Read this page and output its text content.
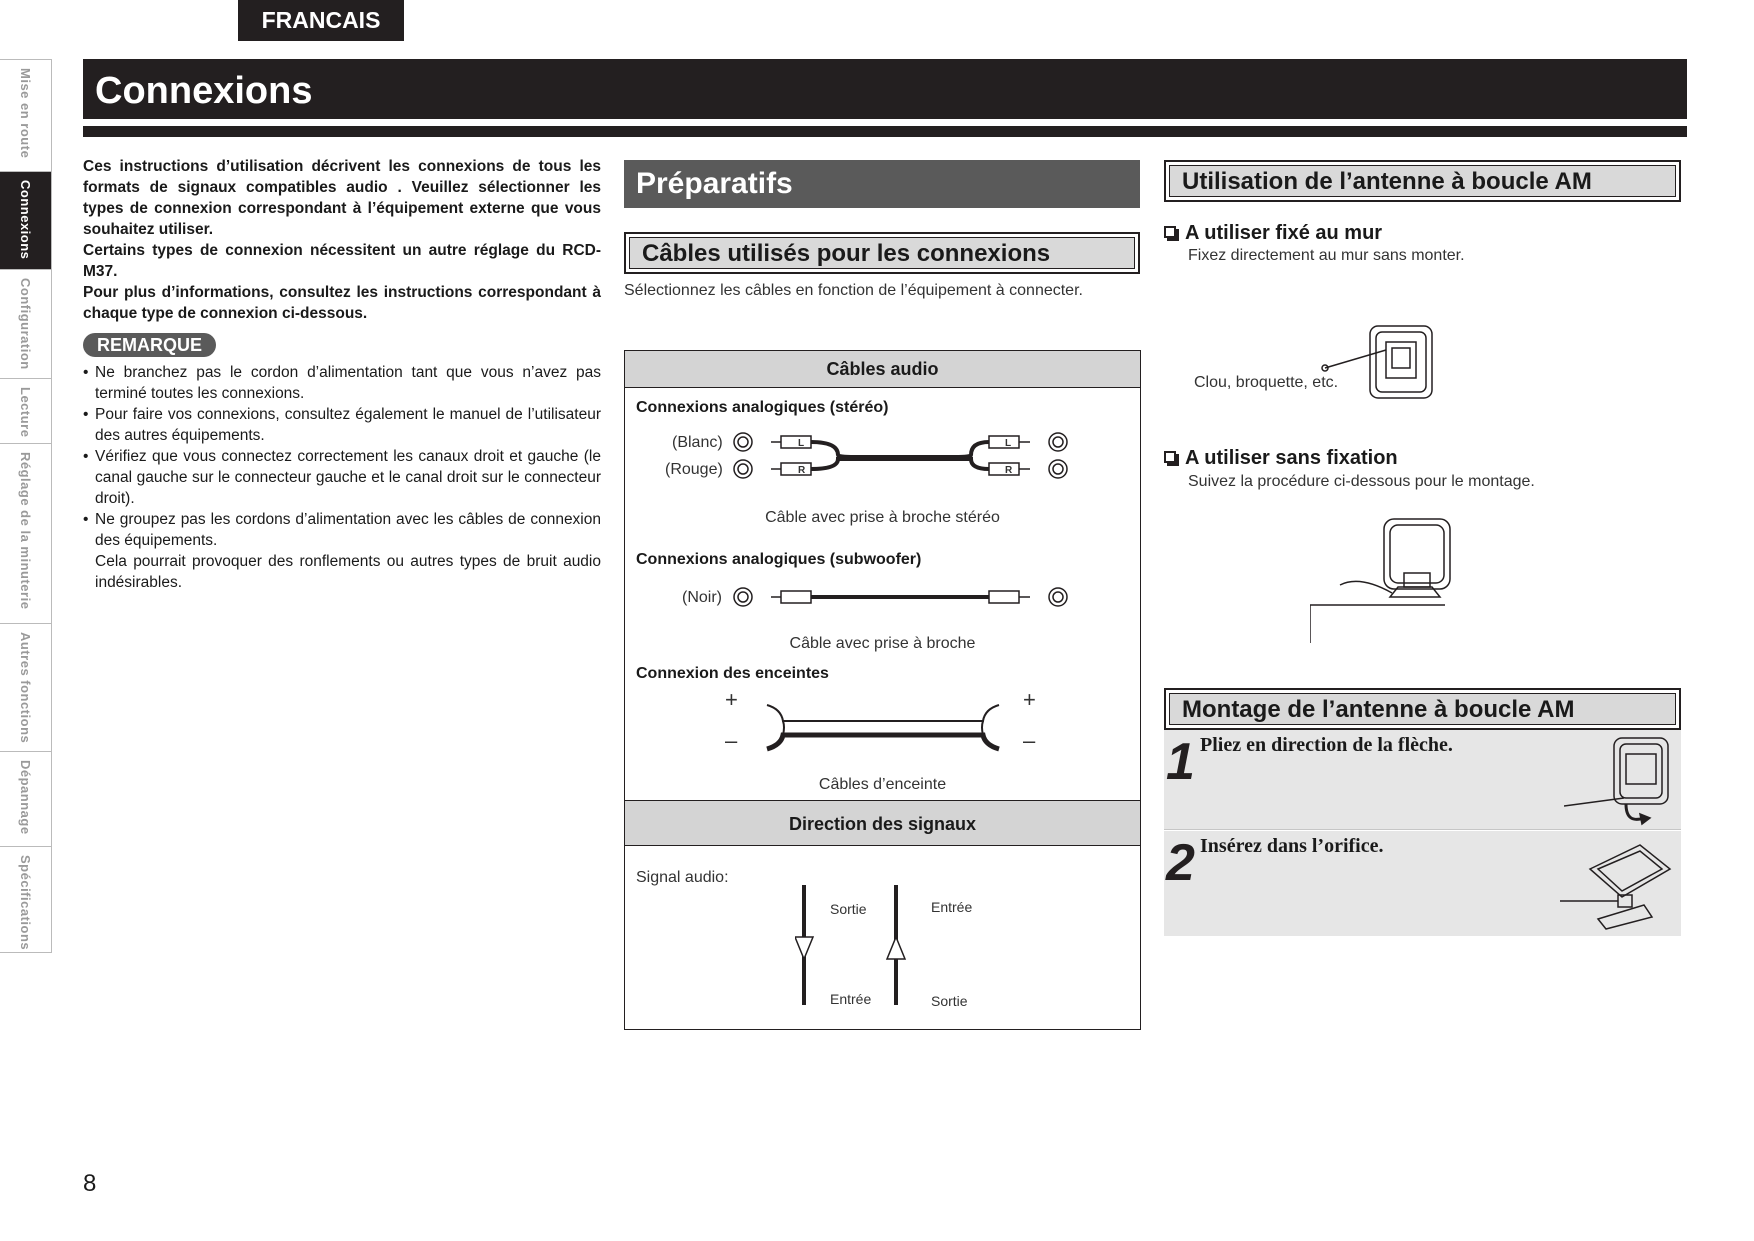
FRANCAIS
Mise en route
Connexions
Configuration
Lecture
Réglage de la minuterie
Autres fonctions
Dépannage
Spécifications
Connexions

Ces instructions d’utilisation décrivent les connexions de tous les formats de signaux compatibles audio . Veuillez sélectionner les types de connexion correspondant à l’équipement externe que vous souhaitez utiliser.

Certains types de connexion nécessitent un autre réglage du RCD-M37.

Pour plus d’informations, consultez les instructions correspondant à chaque type de connexion ci-dessous.

REMARQUE

• Ne branchez pas le cordon d’alimentation tant que vous n’avez pas terminé toutes les connexions.

• Pour faire vos connexions, consultez également le manuel de l’utilisateur des autres équipements.

• Vérifiez que vous connectez correctement les canaux droit et gauche (le canal gauche sur le connecteur gauche et le canal droit sur le connecteur droit).

• Ne groupez pas les cordons d’alimentation avec les câbles de connexion des équipements.

Cela pourrait provoquer des ronflements ou autres types de bruit audio indésirables.

Préparatifs
Câbles utilisés pour les connexions
Sélectionnez les câbles en fonction de l’équipement à connecter.
Câbles audio
Connexions analogiques (stéréo)
(Blanc)
(Rouge)
L
R
L
R
Câble avec prise à broche stéréo
Connexions analogiques (subwoofer)
(Noir)
Câble avec prise à broche
Connexion des enceintes
+
–
+
–
Câbles d’enceinte
Direction des signaux
Signal audio:
Sortie
Entrée
Entrée
Sortie
Utilisation de l’antenne à boucle AM
A utiliser fixé au mur
Fixez directement au mur sans monter.
Clou, broquette, etc.
A utiliser sans fixation
Suivez la procédure ci-dessous pour le montage.
Montage de l’antenne à boucle AM
1 Pliez en direction de la flèche.
2 Insérez dans l’orifice.
8
